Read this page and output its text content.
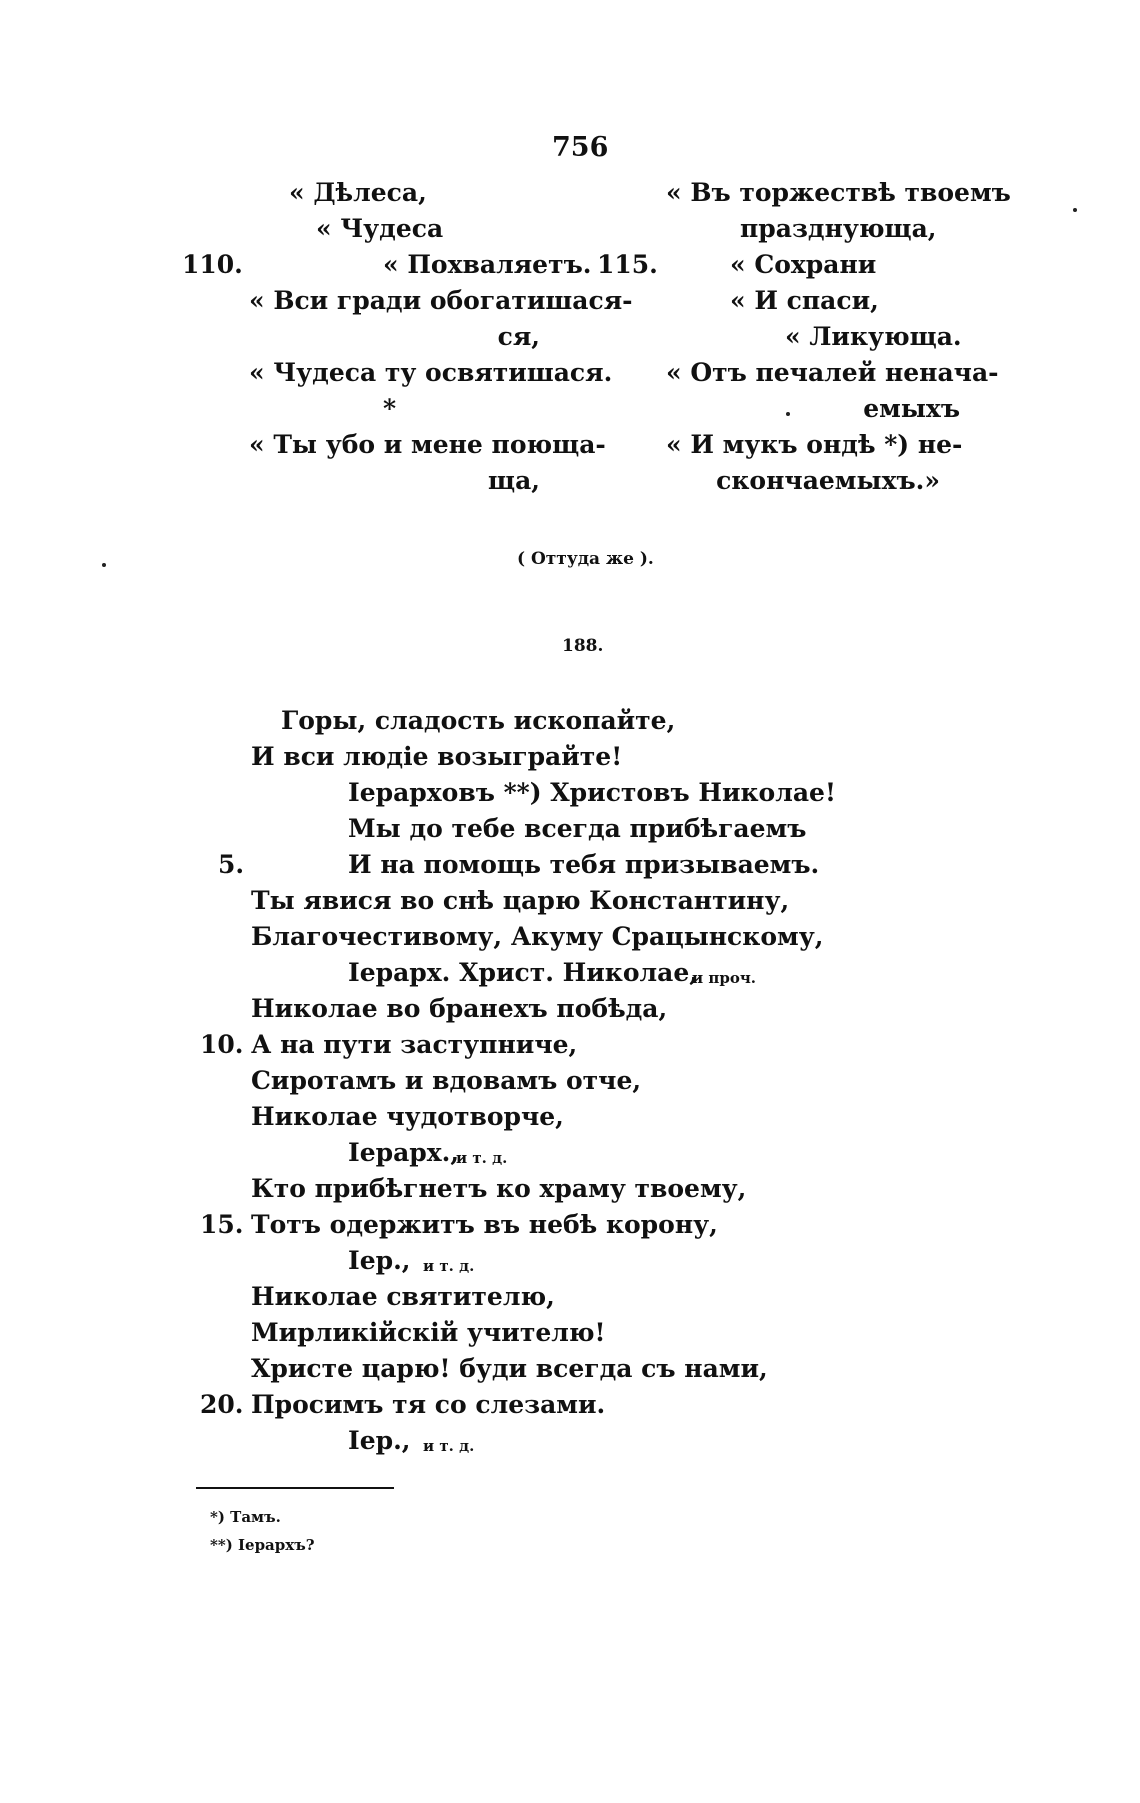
756
« Дѣлеса,
« Чудеса
110.	« Похваляетъ.
« Вси гради обогатишася-
ся,
« Чудеса ту освятишася.
*
« Ты убо и мене поюща-
ща,
« Въ торжествѣ твоемъ
празднующа,
115.	« Сохрани
« И спаси,
« Ликующа.
« Отъ печалей ненача-
емыхъ
« И мукъ ондѣ *) не-
скончаемыхъ.»
( Оттуда же ).
188.
Горы, сладость ископайте,
И вси людіе возыграйте!
Іерарховъ **) Христовъ Николае!
Мы до тебе всегда прибѣгаемъ
5.	И на помощь тебя призываемъ.
Ты явися во снѣ царю Константину,
Благочестивому, Акуму Срацынскому,
Іерарх. Христ. Николае,
и проч.
Николае во бранехъ побѣда,
10. А на пути заступниче,
Сиротамъ и вдовамъ отче,
Николае чудотворче,
Іерарх.,
и т. д.
Кто прибѣгнетъ ко храму твоему,
15. Тотъ одержитъ въ небѣ корону,
Іер., и т. д.
Николае святителю,
Мирликійскій учителю!
Христе царю! буди всегда съ нами,
20. Просимъ тя со слезами.
Іер., и т. д.
*) Тамъ.
**) Іерархъ?
